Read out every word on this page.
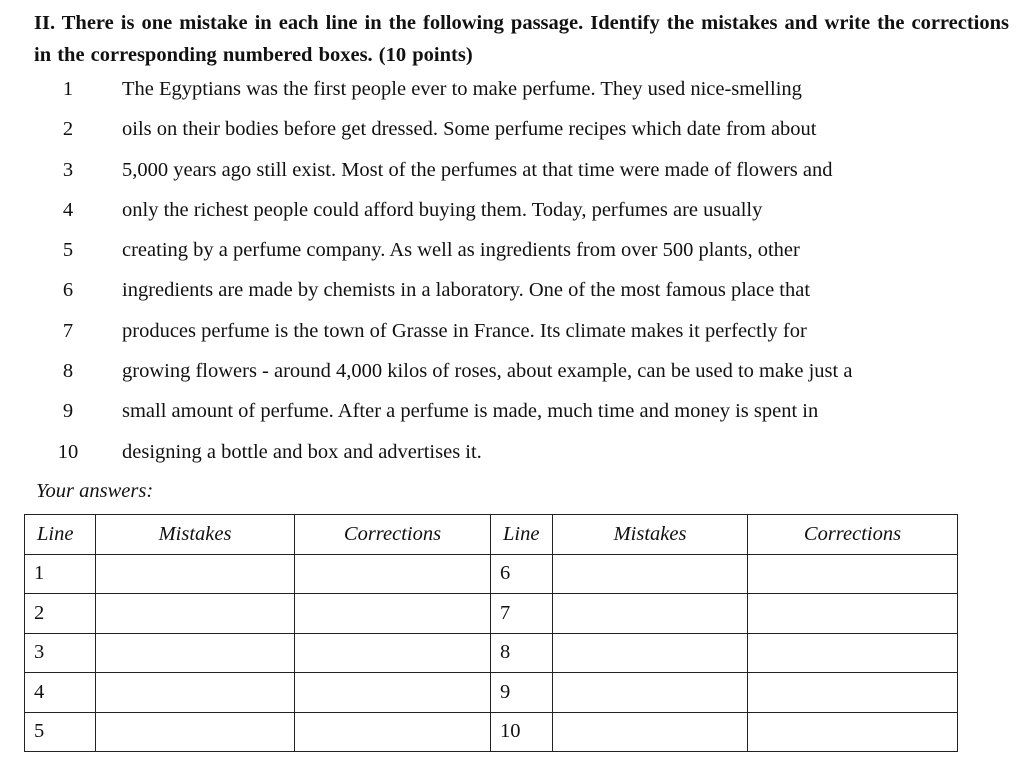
II. There is one mistake in each line in the following passage. Identify the mistakes and write the corrections in the corresponding numbered boxes. (10 points)

1	The Egyptians was the first people ever to make perfume. They used nice-smelling
2	oils on their bodies before get dressed. Some perfume recipes which date from about
3	5,000 years ago still exist. Most of the perfumes at that time were made of flowers and
4	only the richest people could afford buying them. Today, perfumes are usually
5	creating by a perfume company. As well as ingredients from over 500 plants, other
6	ingredients are made by chemists in a laboratory. One of the most famous place that
7	produces perfume is the town of Grasse in France. Its climate makes it perfectly for
8	growing flowers - around 4,000 kilos of roses, about example, can be used to make just a
9	small amount of perfume. After a perfume is made, much time and money is spent in
10	designing a bottle and box and advertises it.
Your answers:
Line	Mistakes	Corrections	Line	Mistakes	Corrections
1			6		
2			7		
3			8		
4			9		
5			10		
